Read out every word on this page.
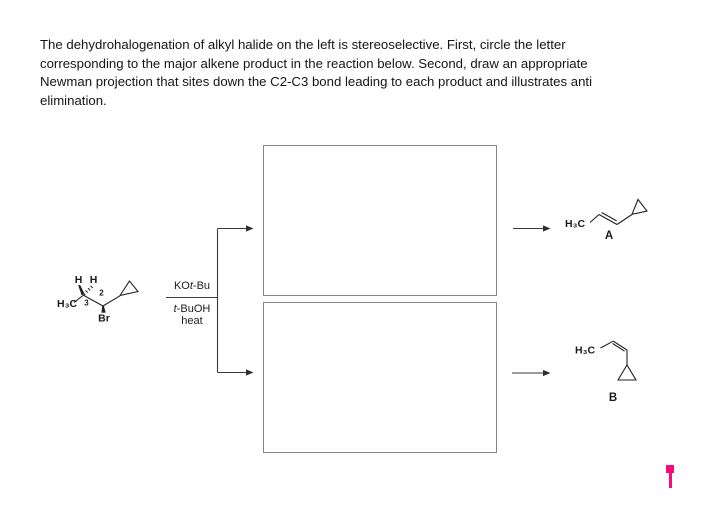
The dehydrohalogenation of alkyl halide on the left is stereoselective. First, circle the letter
corresponding to the major alkene product in the reaction below. Second, draw an appropriate
Newman projection that sites down the C2-C3 bond leading to each product and illustrates anti
elimination.
H H
H₃C 3
2
Br
KOt-Bu
t-BuOH
heat
H₃C
A
H₃C
B
